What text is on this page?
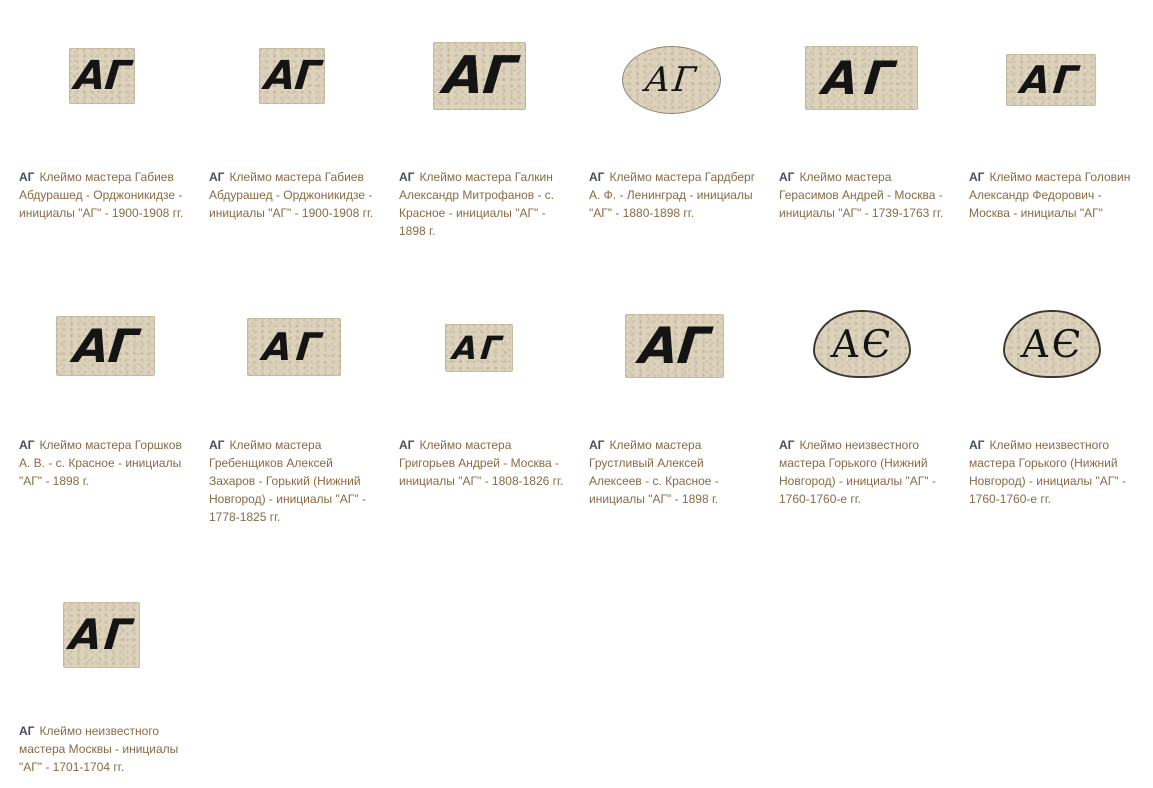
АГ

АГ Клеймо мастера Габиев Абдурашед - Орджоникидзе - инициалы "АГ" - 1900-1908 гг.

АГ

АГ Клеймо мастера Габиев Абдурашед - Орджоникидзе - инициалы "АГ" - 1900-1908 гг.

АГ

АГ Клеймо мастера Галкин Александр Митрофанов - с. Красное - инициалы "АГ" - 1898 г.

АГ

АГ Клеймо мастера Гардберг А. Ф. - Ленинград - инициалы "АГ" - 1880-1898 гг.

АГ

АГ Клеймо мастера Герасимов Андрей - Москва - инициалы "АГ" - 1739-1763 гг.

АГ

АГ Клеймо мастера Головин Александр Федорович - Москва - инициалы "АГ"

АГ

АГ Клеймо мастера Горшков А. В. - с. Красное - инициалы "АГ" - 1898 г.

АГ

АГ Клеймо мастера Гребенщиков Алексей Захаров - Горький (Нижний Новгород) - инициалы "АГ" - 1778-1825 гг.

АГ

АГ Клеймо мастера Григорьев Андрей - Москва - инициалы "АГ" - 1808-1826 гг.

АГ

АГ Клеймо мастера Грустливый Алексей Алексеев - с. Красное - инициалы "АГ" - 1898 г.

АЄ

АГ Клеймо неизвестного мастера Горького (Нижний Новгород) - инициалы "АГ" - 1760-1760-е гг.

АЄ

АГ Клеймо неизвестного мастера Горького (Нижний Новгород) - инициалы "АГ" - 1760-1760-е гг.

АГ

АГ Клеймо неизвестного мастера Москвы - инициалы "АГ" - 1701-1704 гг.
